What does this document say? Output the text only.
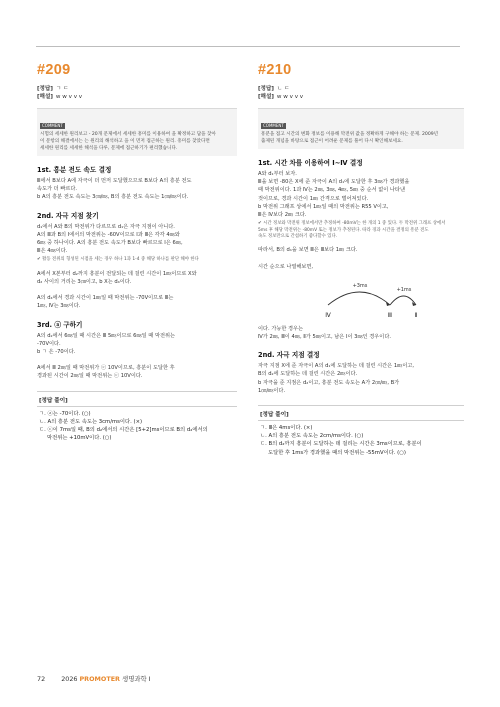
#209
[정답] ㄱ ㄷ
[해설] w w v v v
COMMENT
시험의 세세한 원리보고 - 20개 문제에서 세세한 흥미를 이용하여 을 확정하고 답을 찾아
이 문항의 해결에서는 는 원리의 해석하고 을 이 먼저 접근하는 원리. 흥미를 찾았다면
세세한 원리를 세세한 해석을 다루, 문제에 접근하기가 편리했습니다.
1st. 흥분 전도 속도 결정
Ⅲ에서 B보다 A에 자극이 더 먼저 도달했으므로 B보다 A의 흥분 전도
속도가 더 빠르다.
b A의 흥분 전도 속도는 3㎝/㎳, B의 흥분 전도 속도는 1㎝/㎳이다.
2nd. 자극 지점 찾기
d₁에서 A와 B의 막전위가 다르므로 d₁은 자극 지점이 아니다.
A의 Ⅲ과 B의 Ⅰ에서의 막전위는 -60V이므로 Ⅰ과 Ⅲ은 각각 4㎳와
6㎳ 중 하나이다. A의 흥분 전도 속도가 B보다 빠르므로 Ⅰ은 6㎳,
Ⅲ은 4㎳이다.
✔ 활동 전위의 형성된 시점을 세는 경우 하나 1과 1-4 중 해당 하나를 판단 해야 한다
A에서 X본부터 d₂까지 흥분이 전달되는 데 걸린 시간이 1㎳이므로 X와
d₂ 사이의 거리는 3㎝이고, b X는 d₄이다.
A의 d₄에서 경과 시간이 1㎳일 때 막전위는 -70V이므로 Ⅲ는
1㎳, Ⅳ는 3㎳이다.
3rd. ⓐ 구하기
A의 d₂에서 6㎳일 때 시간은 Ⅲ 5㎳이므로 6㎳일 때 막전위는
-70V이다.
b ㄱ 은 -70이다.
A에서 Ⅲ 2㎳일 때 막전위가 ⓒ 10V이므로, 흥분이 도달한 후
경과된 시간이 2㎳일 때 막전위는 ⓒ 10V이다.
[정답 풀이]
ㄱ. ⓐ는 -70이다. (○)
ㄴ. A의 흥분 전도 속도는 3cm/ms이다. (×)
ㄷ. ⓒ이 7ms일 때, B의 d₂에서의 시간은 [5+2]ms이므로 B의 d₂에서의
막전위는 +10mV이다. (○)
#210
[정답] ㄴ ㄷ
[해설] w w v v v
COMMENT
흥분을 접고 시간의 변화 정보를 이용해 막전위 값을 정확하게 구해야 하는 문제. 2009년
출제된 개념을 바탕으로 접근이 어려운 문제를 풀어 다시 확인해보세요.
1st. 시간 차를 이용하여 Ⅰ~Ⅳ 결정
A와 d₁부터 보자.
Ⅲ을 보면 -80은 X에 준 자극이 A의 d₁에 도달한 후 3㎳가 경과했을
때 막전위이다. 1과 Ⅳ는 2㎳, 3㎳, 4㎳, 5㎳ 중 순서 없이 나타낸
것이므로, 경과 시간이 1㎳ 간격으로 벌어져있다.
b 막전위 그래프 상에서 1㎳일 때의 막전위는 R55 V이고,
Ⅲ은 Ⅳ보다 2㎳ 크다.
✔ 시간 정보와 막전위 정보에서만 추정하여 -80mV는 한 개의 1 중 있다. 두 막전위 그래프 상에서
5ms 후 해당 막전위는 -80mV 또는 정보가 추정된다. 따라 경과 시간을 결정의 흥분 전도
속도 정보만으로 간섭하기 좋다할수 있다.
따라서, B의 d₁을 보면 Ⅲ은 Ⅲ보다 1㎳ 크다.
시간 순으로 나열해보면,
+3ms
+1ms
Ⅳ	Ⅲ	Ⅱ
이다. 가능한 경우는
Ⅳ가 2㎳, Ⅲ이 4㎳, Ⅱ가 5㎳이고, 남은 Ⅰ이 3㎳인 경우이다.
2nd. 자극 지점 결정
자극 지점 X에 준 자극이 A의 d₁에 도달하는 데 걸린 시간은 1㎳이고,
B의 d₂에 도달하는 데 걸린 시간은 2㎳이다.
b 자극을 준 지점은 d₂이고, 흥분 전도 속도는 A가 2㎝/㎳, B가
1㎝/㎳이다.
[정답 풀이]
ㄱ. Ⅲ은 4ms이다. (×)
ㄴ. A의 흥분 전도 속도는 2cm/ms이다. (○)
ㄷ. B의 d₂까지 흥분이 도달하는 데 걸리는 시간은 3ms이므로, 흥분이
도달한 후 1ms가 경과했을 때의 막전위는 -55mV이다. (○)
72	2026 PROMOTER 생명과학 Ⅰ
